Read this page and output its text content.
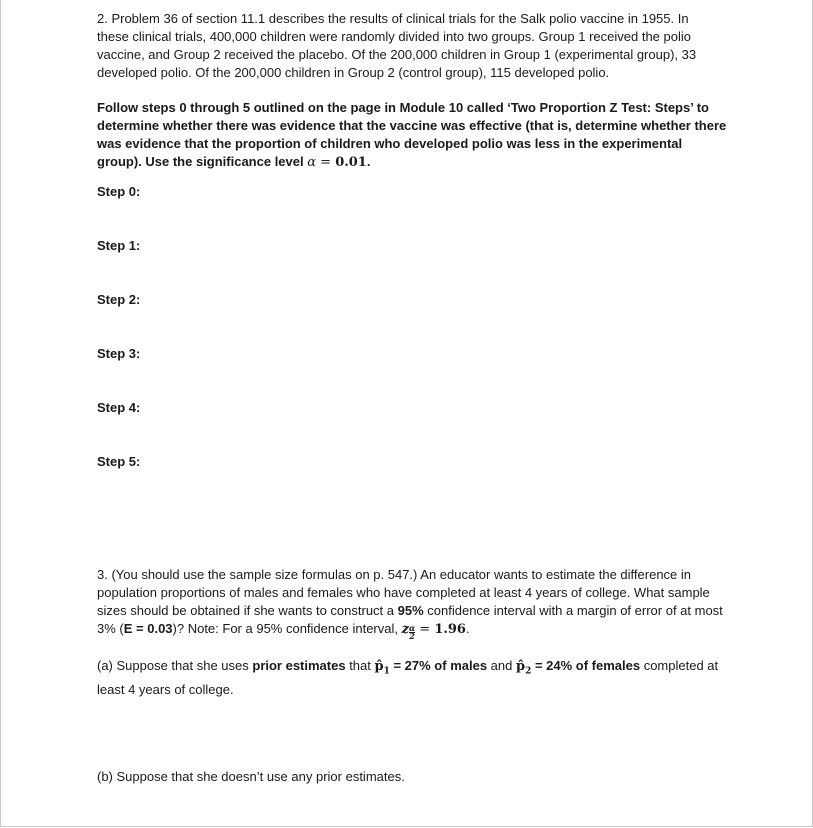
2. Problem 36 of section 11.1 describes the results of clinical trials for the Salk polio vaccine in 1955. In these clinical trials, 400,000 children were randomly divided into two groups. Group 1 received the polio vaccine, and Group 2 received the placebo. Of the 200,000 children in Group 1 (experimental group), 33 developed polio. Of the 200,000 children in Group 2 (control group), 115 developed polio.

Follow steps 0 through 5 outlined on the page in Module 10 called ‘Two Proportion Z Test: Steps’ to determine whether there was evidence that the vaccine was effective (that is, determine whether there was evidence that the proportion of children who developed polio was less in the experimental group). Use the significance level α = 0.01.

Step 0:

Step 1:

Step 2:

Step 3:

Step 4:

Step 5:

3. (You should use the sample size formulas on p. 547.) An educator wants to estimate the difference in population proportions of males and females who have completed at least 4 years of college. What sample sizes should be obtained if she wants to construct a 95% confidence interval with a margin of error of at most 3% (E = 0.03)? Note: For a 95% confidence interval, z $\frac{\alpha}{2} = 1.96$.

(a) Suppose that she uses prior estimates that $p̂_1 = 27\%$ of males and $p̂_2 = 24\%$ of females completed at least 4 years of college.

(b) Suppose that she doesn’t use any prior estimates.
